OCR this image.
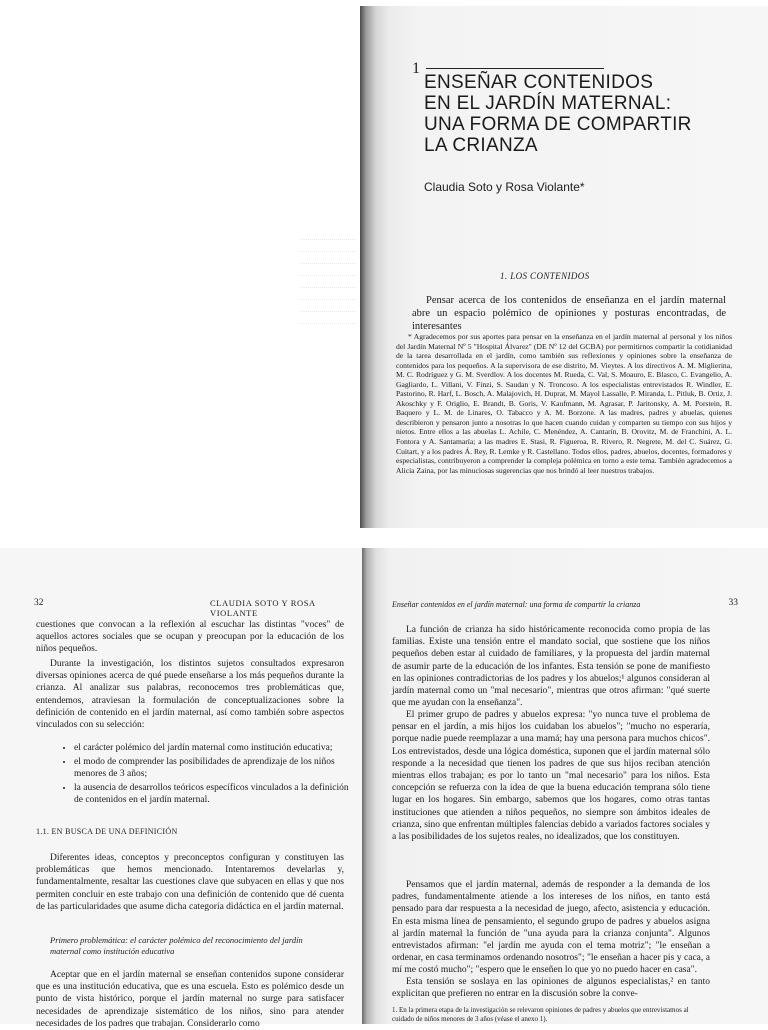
1
ENSEÑAR CONTENIDOS
EN EL JARDÍN MATERNAL:
UNA FORMA DE COMPARTIR
LA CRIANZA
Claudia Soto y Rosa Violante*
1. LOS CONTENIDOS

Pensar acerca de los contenidos de enseñanza en el jardín maternal abre un espacio polémico de opiniones y posturas encontradas, de interesantes

* Agradecemos por sus aportes para pensar en la enseñanza en el jardín maternal al personal y los niños del Jardín Maternal Nº 5 "Hospital Álvarez" (DE Nº 12 del GCBA) por permitirnos compartir la cotidianidad de la tarea desarrollada en el jardín, como también sus reflexiones y opiniones sobre la enseñanza de contenidos para los pequeños. A la supervisora de ese distrito, M. Vieytes. A los directivos A. M. Miglierina, M. C. Rodríguez y G. M. Sverdlov. A los docentes M. Rueda, C. Val, S. Moauro, E. Blasco, C. Evangelio, A. Gagliardo, L. Villani, V. Finzi, S. Saudan y N. Troncoso. A los especialistas entrevistados R. Windler, E. Pastorino, R. Harf, L. Bosch, A. Malajovich, H. Duprat, M. Mayol Lassalle, P. Miranda, L. Pitluk, B. Ortiz, J. Akoschky y F. Origlio, E. Brandt, B. Goris, V. Kaufmann, M. Agrasar, P. Jaritonsky, A. M. Porstein, R. Baquero y L. M. de Linares, O. Tabacco y A. M. Borzone. A las madres, padres y abuelas, quienes describieron y pensaron junto a nosotras lo que hacen cuando cuidan y comparten su tiempo con sus hijos y nietos. Entre ellos a las abuelas L. Achile, C. Menéndez, A. Cantarín, B. Orovitz, M. de Franchini, A. L. Fontora y A. Santamaría; a las madres E. Stasi, R. Figueroa, R. Rivero, R. Negrete, M. del C. Suárez, G. Cuitart, y a los padres Á. Rey, R. Lemke y R. Castellano. Todos ellos, padres, abuelos, docentes, formadores y especialistas, contribuyeron a comprender la compleja polémica en torno a este tema. También agradecemos a Alicia Zaina, por las minuciosas sugerencias que nos brindó al leer nuestros trabajos.

32	CLAUDIA SOTO Y ROSA VIOLANTE

cuestiones que convocan a la reflexión al escuchar las distintas "voces" de aquellos actores sociales que se ocupan y preocupan por la educación de los niños pequeños.

Durante la investigación, los distintos sujetos consultados expresaron diversas opiniones acerca de qué puede enseñarse a los más pequeños durante la crianza. Al analizar sus palabras, reconocemos tres problemáticas que, entendemos, atraviesan la formulación de conceptualizaciones sobre la definición de contenido en el jardín maternal, así como también sobre aspectos vinculados con su selección:

• el carácter polémico del jardín maternal como institución educativa;
• el modo de comprender las posibilidades de aprendizaje de los niños menores de 3 años;
• la ausencia de desarrollos teóricos específicos vinculados a la definición de contenidos en el jardín maternal.
1.1. EN BUSCA DE UNA DEFINICIÓN

Diferentes ideas, conceptos y preconceptos configuran y constituyen las problemáticas que hemos mencionado. Intentaremos develarlas y, fundamentalmente, resaltar las cuestiones clave que subyacen en ellas y que nos permiten concluir en este trabajo con una definición de contenido que dé cuenta de las particularidades que asume dicha categoría didáctica en el jardín maternal.

Primero problemática: el carácter polémico del reconocimiento del jardín maternal como institución educativa

Aceptar que en el jardín maternal se enseñan contenidos supone considerar que es una institución educativa, que es una escuela. Esto es polémico desde un punto de vista histórico, porque el jardín maternal no surge para satisfacer necesidades de aprendizaje sistemático de los niños, sino para atender necesidades de los padres que trabajan. Considerarlo como

Enseñar contenidos en el jardín maternal: una forma de compartir la crianza	33

La función de crianza ha sido históricamente reconocida como propia de las familias. Existe una tensión entre el mandato social, que sostiene que los niños pequeños deben estar al cuidado de familiares, y la propuesta del jardín maternal de asumir parte de la educación de los infantes. Esta tensión se pone de manifiesto en las opiniones contradictorias de los padres y los abuelos;¹ algunos consideran al jardín maternal como un "mal necesario", mientras que otros afirman: "qué suerte que me ayudan con la enseñanza".

El primer grupo de padres y abuelos expresa: "yo nunca tuve el problema de pensar en el jardín, a mis hijos los cuidaban los abuelos"; "mucho no esperaría, porque nadie puede reemplazar a una mamá; hay una persona para muchos chicos". Los entrevistados, desde una lógica doméstica, suponen que el jardín maternal sólo responde a la necesidad que tienen los padres de que sus hijos reciban atención mientras ellos trabajan; es por lo tanto un "mal necesario" para los niños. Esta concepción se refuerza con la idea de que la buena educación temprana sólo tiene lugar en los hogares. Sin embargo, sabemos que los hogares, como otras tantas instituciones que atienden a niños pequeños, no siempre son ámbitos ideales de crianza, sino que enfrentan múltiples falencias debido a variados factores sociales y a las posibilidades de los sujetos reales, no idealizados, que los constituyen.

Pensamos que el jardín maternal, además de responder a la demanda de los padres, fundamentalmente atiende a los intereses de los niños, en tanto está pensado para dar respuesta a la necesidad de juego, afecto, asistencia y educación. En esta misma línea de pensamiento, el segundo grupo de padres y abuelos asigna al jardín maternal la función de "una ayuda para la crianza conjunta". Algunos entrevistados afirman: "el jardín me ayuda con el tema motriz"; "le enseñan a ordenar, en casa terminamos ordenando nosotros"; "le enseñan a hacer pis y caca, a mí me costó mucho"; "espero que le enseñen lo que yo no puedo hacer en casa".

Esta tensión se soslaya en las opiniones de algunos especialistas,² en tanto explicitan que prefieren no entrar en la discusión sobre la conve-

1. En la primera etapa de la investigación se relevaron opiniones de padres y abuelos que entrevistamos al cuidado de niños menores de 3 años (véase el anexo 1).
